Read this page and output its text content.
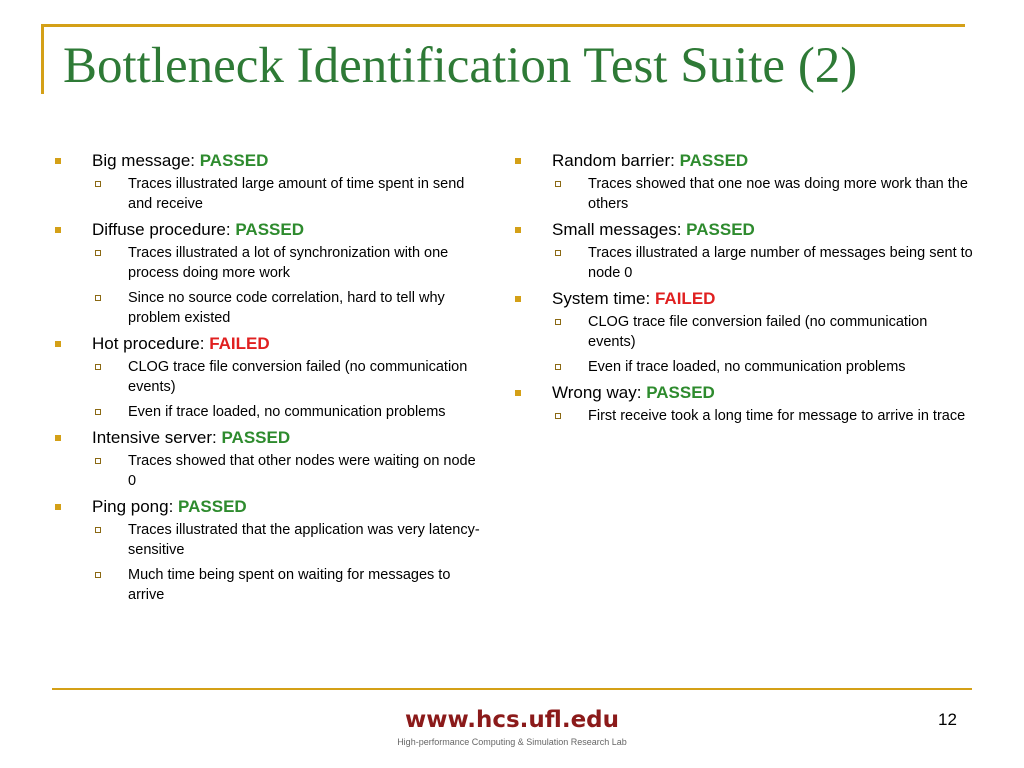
Bottleneck Identification Test Suite (2)
Big message: PASSED
Traces illustrated large amount of time spent in send and receive
Diffuse procedure: PASSED
Traces illustrated a lot of synchronization with one process doing more work
Since no source code correlation, hard to tell why problem existed
Hot procedure: FAILED
CLOG trace file conversion failed (no communication events)
Even if trace loaded, no communication problems
Intensive server: PASSED
Traces showed that other nodes were waiting on node 0
Ping pong: PASSED
Traces illustrated that the application was very latency-sensitive
Much time being spent on waiting for messages to arrive
Random barrier: PASSED
Traces showed that one noe was doing more work than the others
Small messages: PASSED
Traces illustrated a large number of messages being sent to node 0
System time: FAILED
CLOG trace file conversion failed (no communication events)
Even if trace loaded, no communication problems
Wrong way: PASSED
First receive took a long time for message to arrive in trace
www.hcs.ufl.edu
High-performance Computing & Simulation Research Lab
12
